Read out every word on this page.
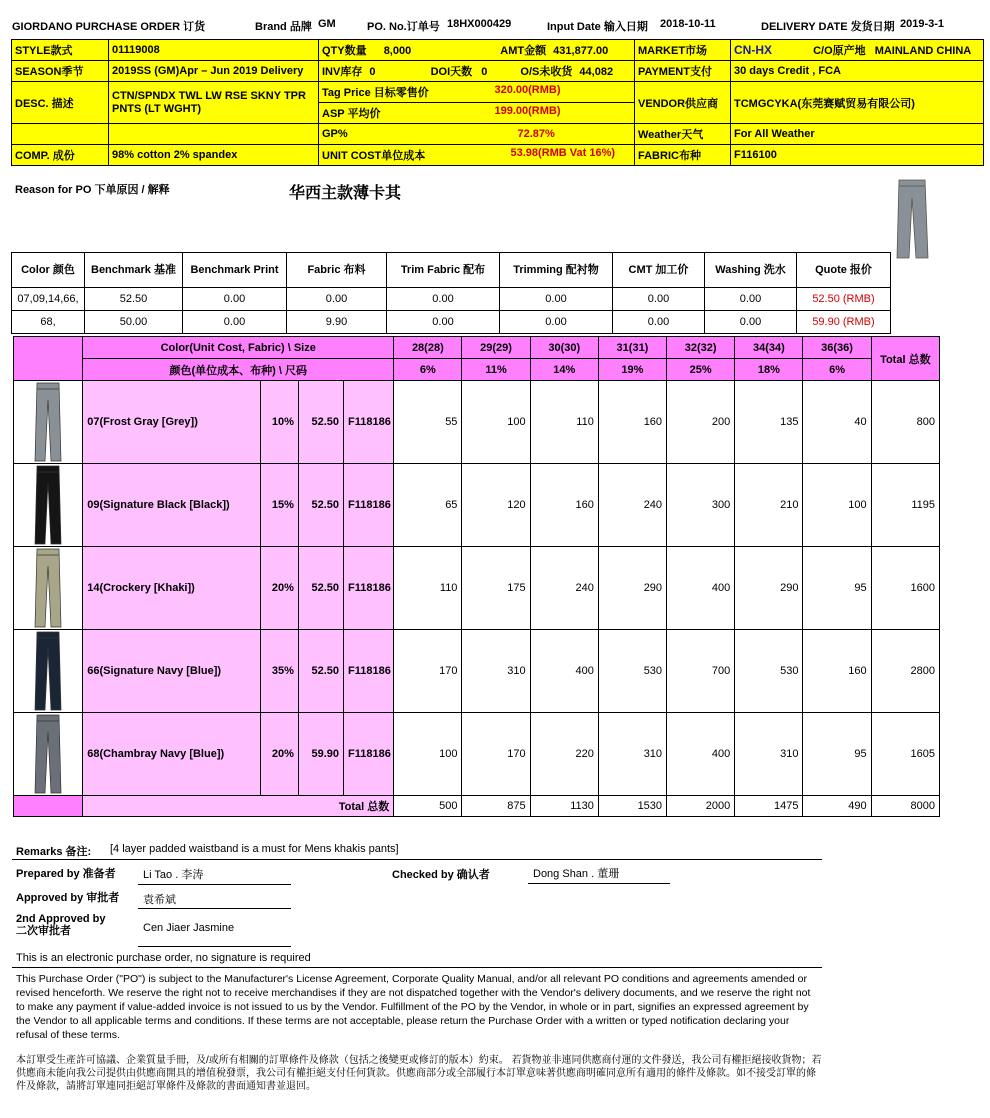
GIORDANO PURCHASE ORDER 订货	Brand 品牌 GM	PO. No.订单号 18HX000429	Input Date 输入日期 2018-10-11	DELIVERY DATE 发货日期 2019-3-1
STYLE款式	01119008	QTY数量 8,000 AMT金额 431,877.00	MARKET市场	CN-HX C/O原产地 MAINLAND CHINA
SEASON季节	2019SS (GM)Apr – Jun 2019 Delivery	INV库存 0 DOI天数 0 O/S未收货 44,082	PAYMENT支付	30 days Credit , FCA
DESC. 描述	CTN/SPNDX TWL LW RSE SKNY TPR PNTS (LT WGHT)	Tag Price 目标零售价 320.00(RMB)	VENDOR供应商	TCMGCYKA(东莞赛赋贸易有限公司)
		ASP 平均价 199.00(RMB)		

		GP% 72.87%	Weather天气	For All Weather
COMP. 成份	98% cotton 2% spandex	UNIT COST单位成本 53.98(RMB Vat 16%)	FABRIC布种	F116100
Reason for PO 下单原因 / 解释	华西主款薄卡其
Color 颜色	Benchmark 基准	Benchmark Print	Fabric 布料	Trim Fabric 配布	Trimming 配衬物	CMT 加工价	Washing 洗水	Quote 报价
07,09,14,66,	52.50	0.00	0.00	0.00	0.00	0.00	0.00	52.50 (RMB)
68,	50.00	0.00	9.90	0.00	0.00	0.00	0.00	59.90 (RMB)
	Color(Unit Cost, Fabric) \ Size				28(28)	29(29)	30(30)	31(31)	32(32)	34(34)	36(36)	Total 总数
	颜色(单位成本、布种) \ 尺码				6%	11%	14%	19%	25%	18%	6%	

	07(Frost Gray [Grey])	10%	52.50	F118186	55	100	110	160	200	135	40	800

	09(Signature Black [Black])	15%	52.50	F118186	65	120	160	240	300	210	100	1195

	14(Crockery [Khaki])	20%	52.50	F118186	110	175	240	290	400	290	95	1600

	66(Signature Navy [Blue])	35%	52.50	F118186	170	310	400	530	700	530	160	2800

	68(Chambray Navy [Blue])	20%	59.90	F118186	100	170	220	310	400	310	95	1605
	Total 总数				500	875	1130	1530	2000	1475	490	8000
Remarks 备注: [4 layer padded waistband is a must for Mens khakis pants]
Prepared by 准备者 Li Tao . 李涛	Checked by 确认者	Dong Shan . 董珊
Approved by 审批者 袁希斌
2nd Approved by
二次审批者	Cen Jiaer Jasmine
This is an electronic purchase order, no signature is required
This Purchase Order ("PO") is subject to the Manufacturer's License Agreement, Corporate Quality Manual, and/or all relevant PO conditions and agreements amended or revised henceforth. We reserve the right not to receive merchandises if they are not dispatched together with the Vendor's delivery documents, and we reserve the right not to make any payment if value-added invoice is not issued to us by the Vendor. Fulfillment of the PO by the Vendor, in whole or in part, signifies an expressed agreement by the Vendor to all applicable terms and conditions. If these terms are not acceptable, please return the Purchase Order with a written or typed notification declaring your refusal of these terms.
本訂單受生產許可協議、企業質量手冊，及/或所有相關的訂單條件及條款（包括之後變更或修訂的版本）約束。 若貨物並非連同供應商付運的文件發送，我公司有權拒絕接收貨物；若供應商未能向我公司提供由供應商開具的增值稅發票，我公司有權拒絕支付任何貨款。供應商部分或全部履行本訂單意味著供應商明確同意所有適用的條件及條款。如不接受訂單的條件及條款，請將訂單連同拒絕訂單條件及條款的書面通知書並退回。
